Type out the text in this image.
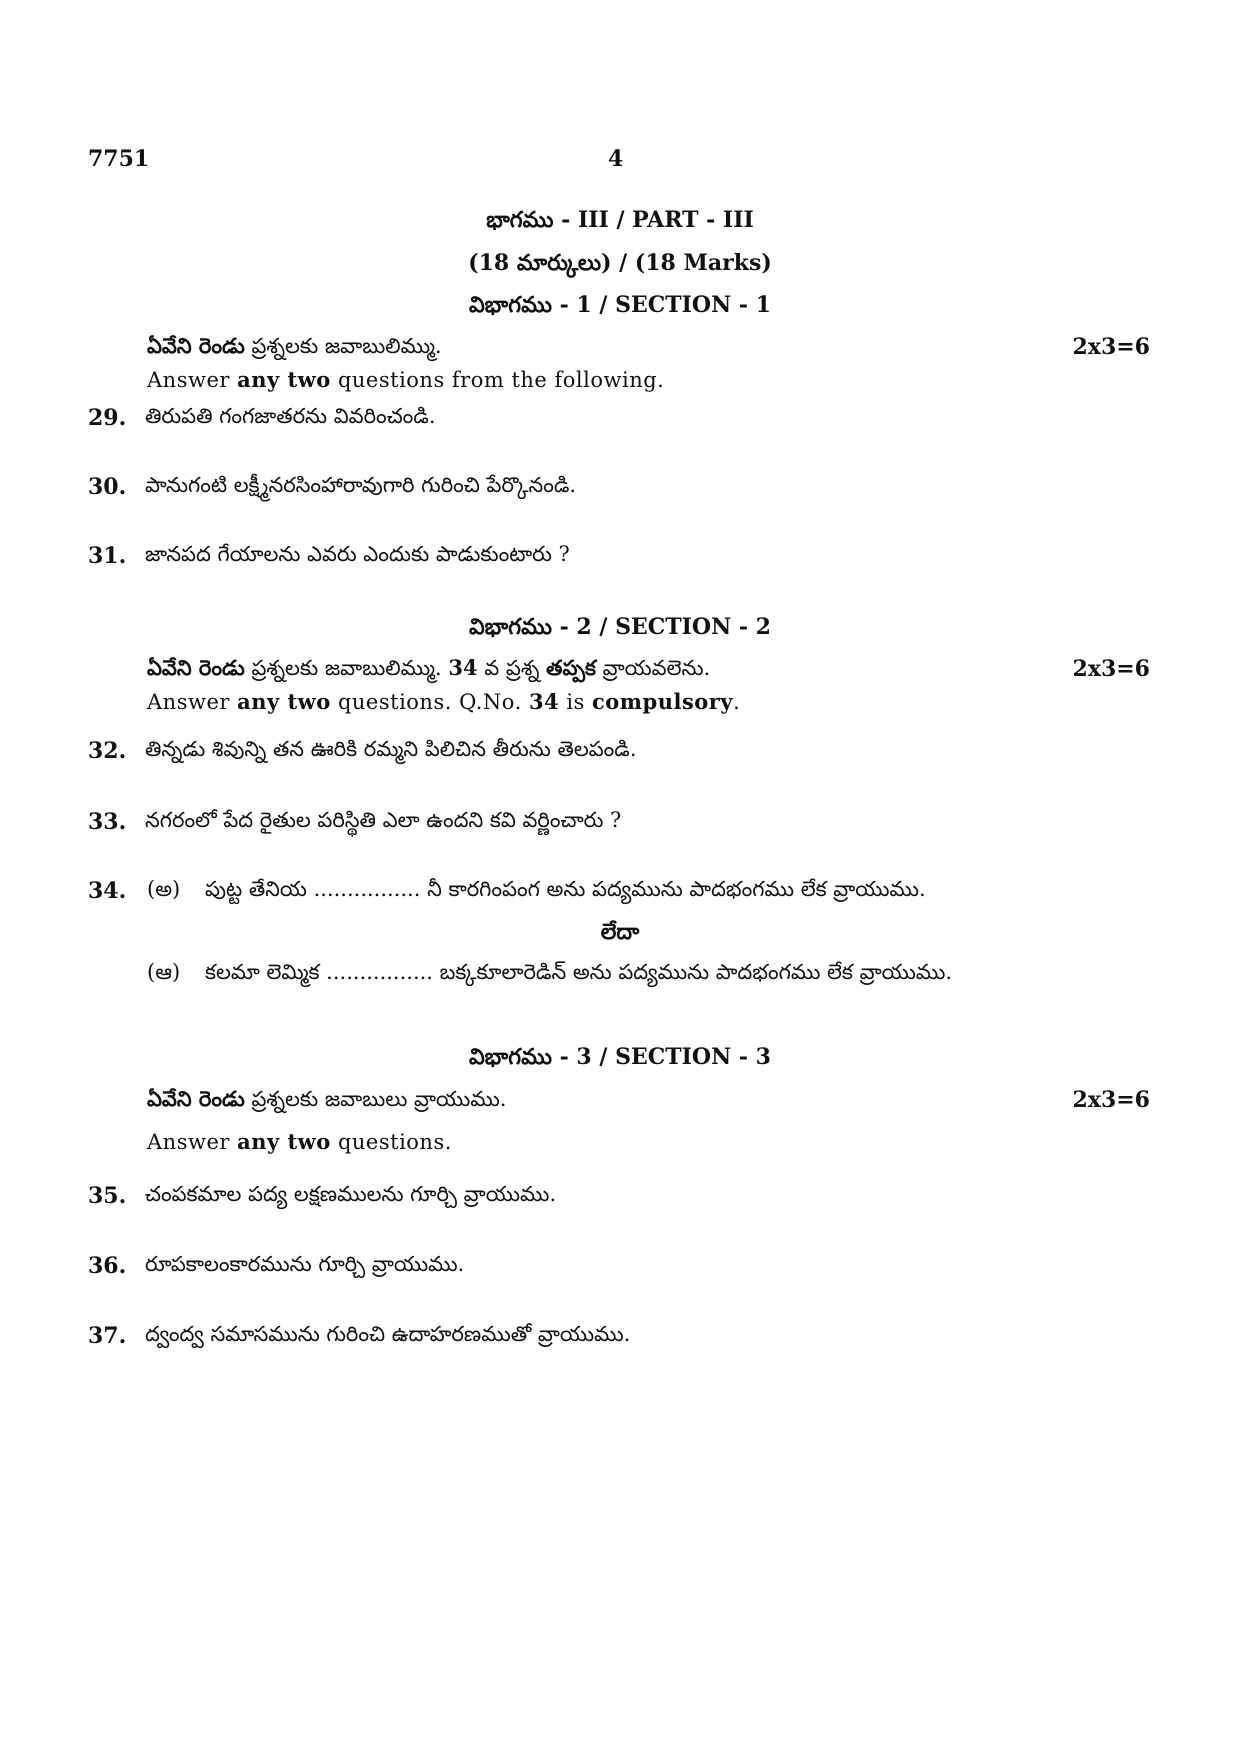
7751	4
భాగము - III / PART - III
(18 మార్కులు) / (18 Marks)
విభాగము - 1 / SECTION - 1
ఏవేని రెండు ప్రశ్నలకు జవాబులిమ్ము.	2x3=6
Answer any two questions from the following.
29. తిరుపతి గంగజాతరను వివరించండి.
30. పానుగంటి లక్ష్మీనరసింహారావుగారి గురించి పేర్కొనండి.
31. జానపద గేయాలను ఎవరు ఎందుకు పాడుకుంటారు ?
విభాగము - 2 / SECTION - 2
ఏవేని రెండు ప్రశ్నలకు జవాబులిమ్ము. 34 వ ప్రశ్న తప్పక వ్రాయవలెను.	2x3=6
Answer any two questions. Q.No. 34 is compulsory.
32. తిన్నడు శివున్ని తన ఊరికి రమ్మని పిలిచిన తీరును తెలపండి.
33. నగరంలో పేద రైతుల పరిస్థితి ఎలా ఉందని కవి వర్ణించారు ?
34. (అ) పుట్ట తేనియ ................ నీ కారగింపంగ అను పద్యమును పాదభంగము లేక వ్రాయుము.
లేదా
(ఆ) కలమా లెమ్మిక ................ బక్కకూలారెడిన్ అను పద్యమును పాదభంగము లేక వ్రాయుము.
విభాగము - 3 / SECTION - 3
ఏవేని రెండు ప్రశ్నలకు జవాబులు వ్రాయుము.	2x3=6
Answer any two questions.
35. చంపకమాల పద్య లక్షణములను గూర్చి వ్రాయుము.
36. రూపకాలంకారమును గూర్చి వ్రాయుము.
37. ద్వంద్వ సమాసమును గురించి ఉదాహరణముతో వ్రాయుము.
